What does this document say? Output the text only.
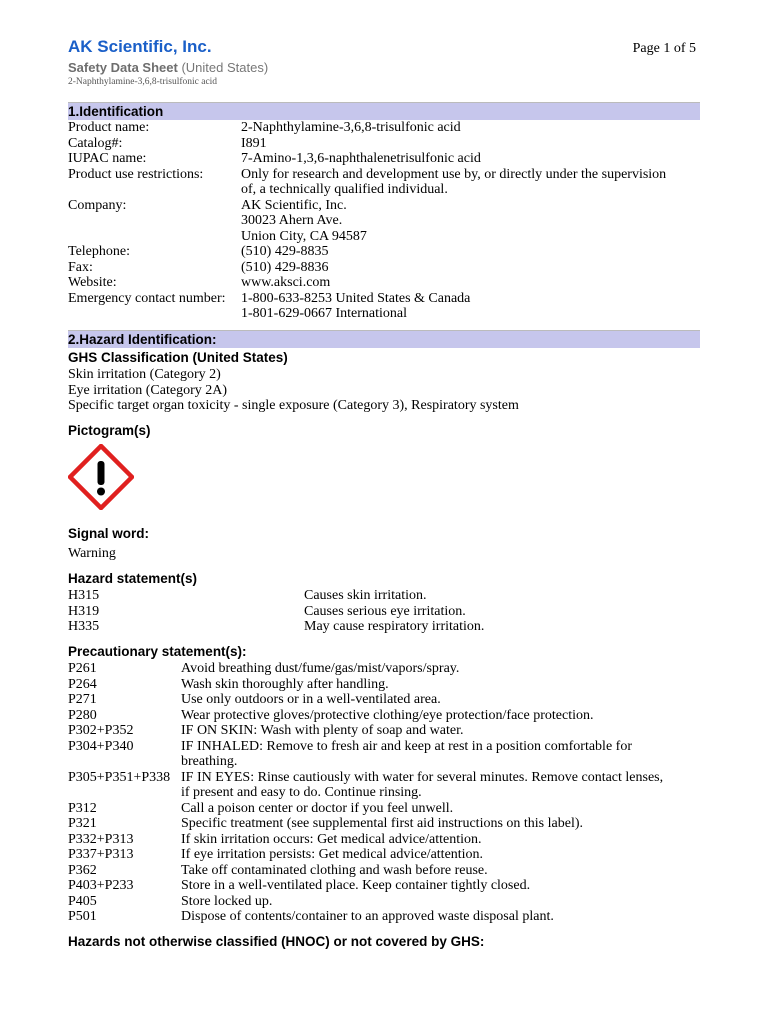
AK Scientific, Inc.	Page 1 of 5
Safety Data Sheet (United States)
2-Naphthylamine-3,6,8-trisulfonic acid
1.Identification
Product name:	2-Naphthylamine-3,6,8-trisulfonic acid
Catalog#:	I891
IUPAC name:	7-Amino-1,3,6-naphthalenetrisulfonic acid
Product use restrictions:	Only for research and development use by, or directly under the supervision
of, a technically qualified individual.
Company:	AK Scientific, Inc.
30023 Ahern Ave.
Union City, CA 94587
Telephone:	(510) 429-8835
Fax:	(510) 429-8836
Website:	www.aksci.com
Emergency contact number: 1-800-633-8253 United States & Canada
1-801-629-0667 International
2.Hazard Identification:
GHS Classification (United States)
Skin irritation (Category 2)
Eye irritation (Category 2A)
Specific target organ toxicity - single exposure (Category 3), Respiratory system
Pictogram(s)
Signal word:
Warning
Hazard statement(s)
H315	Causes skin irritation.
H319	Causes serious eye irritation.
H335	May cause respiratory irritation.
Precautionary statement(s):
P261	Avoid breathing dust/fume/gas/mist/vapors/spray.
P264	Wash skin thoroughly after handling.
P271	Use only outdoors or in a well-ventilated area.
P280	Wear protective gloves/protective clothing/eye protection/face protection.
P302+P352	IF ON SKIN: Wash with plenty of soap and water.
P304+P340	IF INHALED: Remove to fresh air and keep at rest in a position comfortable for
breathing.
P305+P351+P338 IF IN EYES: Rinse cautiously with water for several minutes. Remove contact lenses,
if present and easy to do. Continue rinsing.
P312	Call a poison center or doctor if you feel unwell.
P321	Specific treatment (see supplemental first aid instructions on this label).
P332+P313	If skin irritation occurs: Get medical advice/attention.
P337+P313	If eye irritation persists: Get medical advice/attention.
P362	Take off contaminated clothing and wash before reuse.
P403+P233	Store in a well-ventilated place. Keep container tightly closed.
P405	Store locked up.
P501	Dispose of contents/container to an approved waste disposal plant.
Hazards not otherwise classified (HNOC) or not covered by GHS:
